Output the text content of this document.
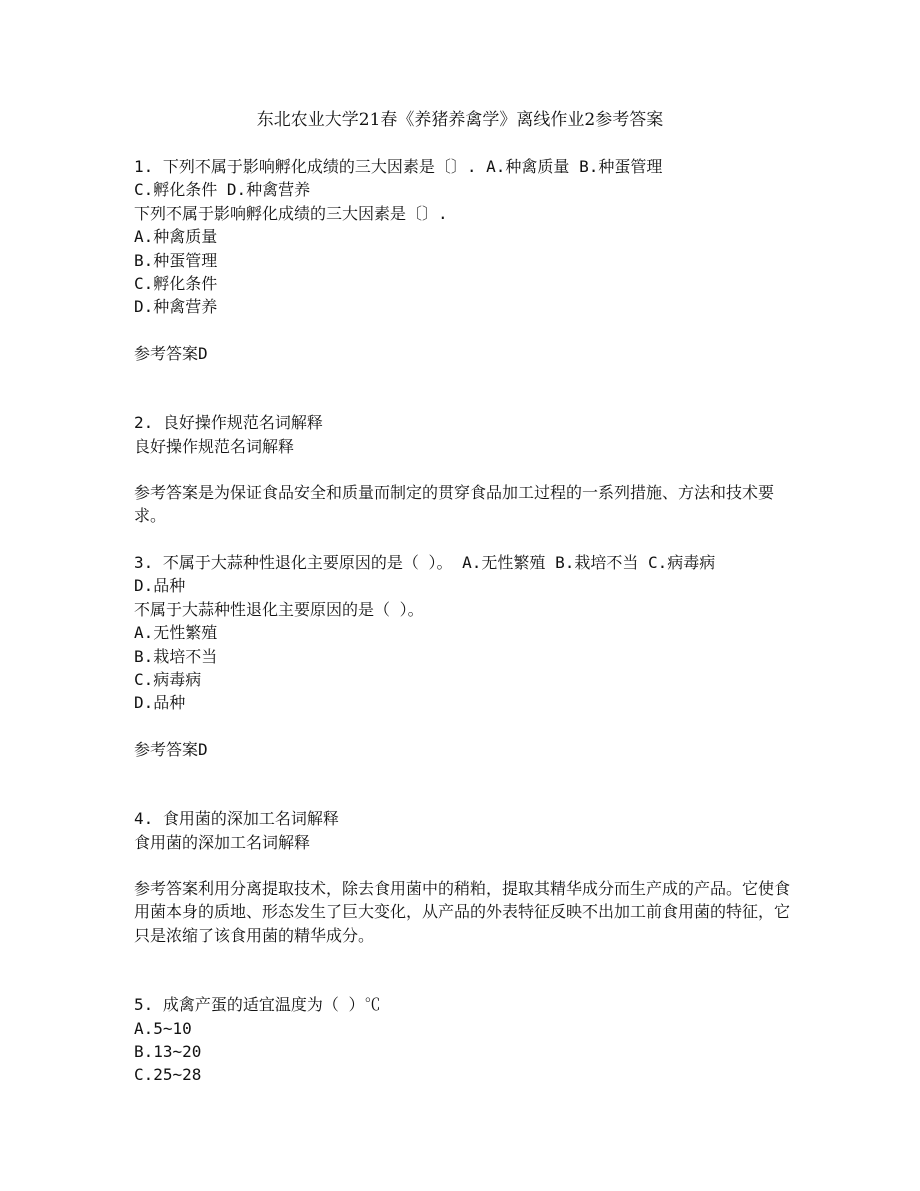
东北农业大学21春《养猪养禽学》离线作业2参考答案
1. 下列不属于影响孵化成绩的三大因素是〔〕. A.种禽质量 B.种蛋管理
C.孵化条件 D.种禽营养
下列不属于影响孵化成绩的三大因素是〔〕.
A.种禽质量
B.种蛋管理
C.孵化条件
D.种禽营养
参考答案D
2. 良好操作规范名词解释
良好操作规范名词解释
参考答案是为保证食品安全和质量而制定的贯穿食品加工过程的一系列措施、方法和技术要求。
3. 不属于大蒜种性退化主要原因的是（ ）。 A.无性繁殖 B.栽培不当 C.病毒病
D.品种
不属于大蒜种性退化主要原因的是（ ）。
A.无性繁殖
B.栽培不当
C.病毒病
D.品种
参考答案D
4. 食用菌的深加工名词解释
食用菌的深加工名词解释
参考答案利用分离提取技术，除去食用菌中的稍粕，提取其精华成分而生产成的产品。它使食用菌本身的质地、形态发生了巨大变化，从产品的外表特征反映不出加工前食用菌的特征，它只是浓缩了该食用菌的精华成分。
5. 成禽产蛋的适宜温度为（ ）℃
A.5~10
B.13~20
C.25~28
